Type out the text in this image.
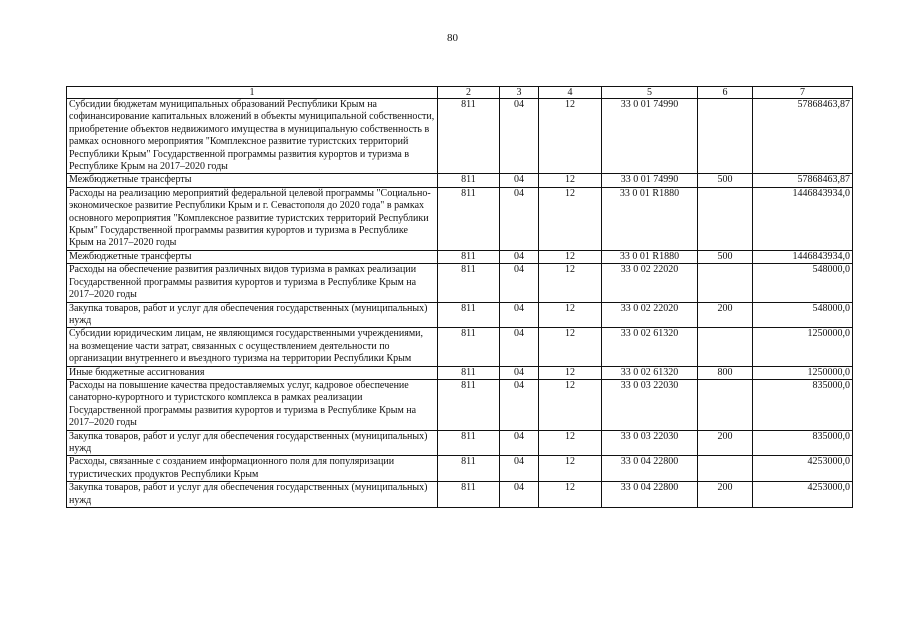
80
1	2	3	4	5	6	7
Субсидии бюджетам муниципальных образований Республики Крым на софинансирование капитальных вложений в объекты муниципальной собственности, приобретение объектов недвижимого имущества в муниципальную собственность в рамках основного мероприятия "Комплексное развитие туристских территорий Республики Крым" Государственной программы развития курортов и туризма в Республике Крым на 2017–2020 годы	811	04	12	33 0 01 74990		57868463,87
Межбюджетные трансферты	811	04	12	33 0 01 74990	500	57868463,87
Расходы на реализацию мероприятий федеральной целевой программы "Социально-экономическое развитие Республики Крым и г. Севастополя до 2020 года" в рамках основного мероприятия "Комплексное развитие туристских территорий Республики Крым" Государственной программы развития курортов и туризма в Республике Крым на 2017–2020 годы	811	04	12	33 0 01 R1880		1446843934,0
Межбюджетные трансферты	811	04	12	33 0 01 R1880	500	1446843934,0
Расходы на обеспечение развития различных видов туризма в рамках реализации Государственной программы развития курортов и туризма в Республике Крым на 2017–2020 годы	811	04	12	33 0 02 22020		548000,0
Закупка товаров, работ и услуг для обеспечения государственных (муниципальных) нужд	811	04	12	33 0 02 22020	200	548000,0
Субсидии юридическим лицам, не являющимся государственными учреждениями, на возмещение части затрат, связанных с осуществлением деятельности по организации внутреннего и въездного туризма на территории Республики Крым	811	04	12	33 0 02 61320		1250000,0
Иные бюджетные ассигнования	811	04	12	33 0 02 61320	800	1250000,0
Расходы на повышение качества предоставляемых услуг, кадровое обеспечение санаторно-курортного и туристского комплекса в рамках реализации Государственной программы развития курортов и туризма в Республике Крым на 2017–2020 годы	811	04	12	33 0 03 22030		835000,0
Закупка товаров, работ и услуг для обеспечения государственных (муниципальных) нужд	811	04	12	33 0 03 22030	200	835000,0
Расходы, связанные с созданием информационного поля для популяризации туристических продуктов Республики Крым	811	04	12	33 0 04 22800		4253000,0
Закупка товаров, работ и услуг для обеспечения государственных (муниципальных) нужд	811	04	12	33 0 04 22800	200	4253000,0
